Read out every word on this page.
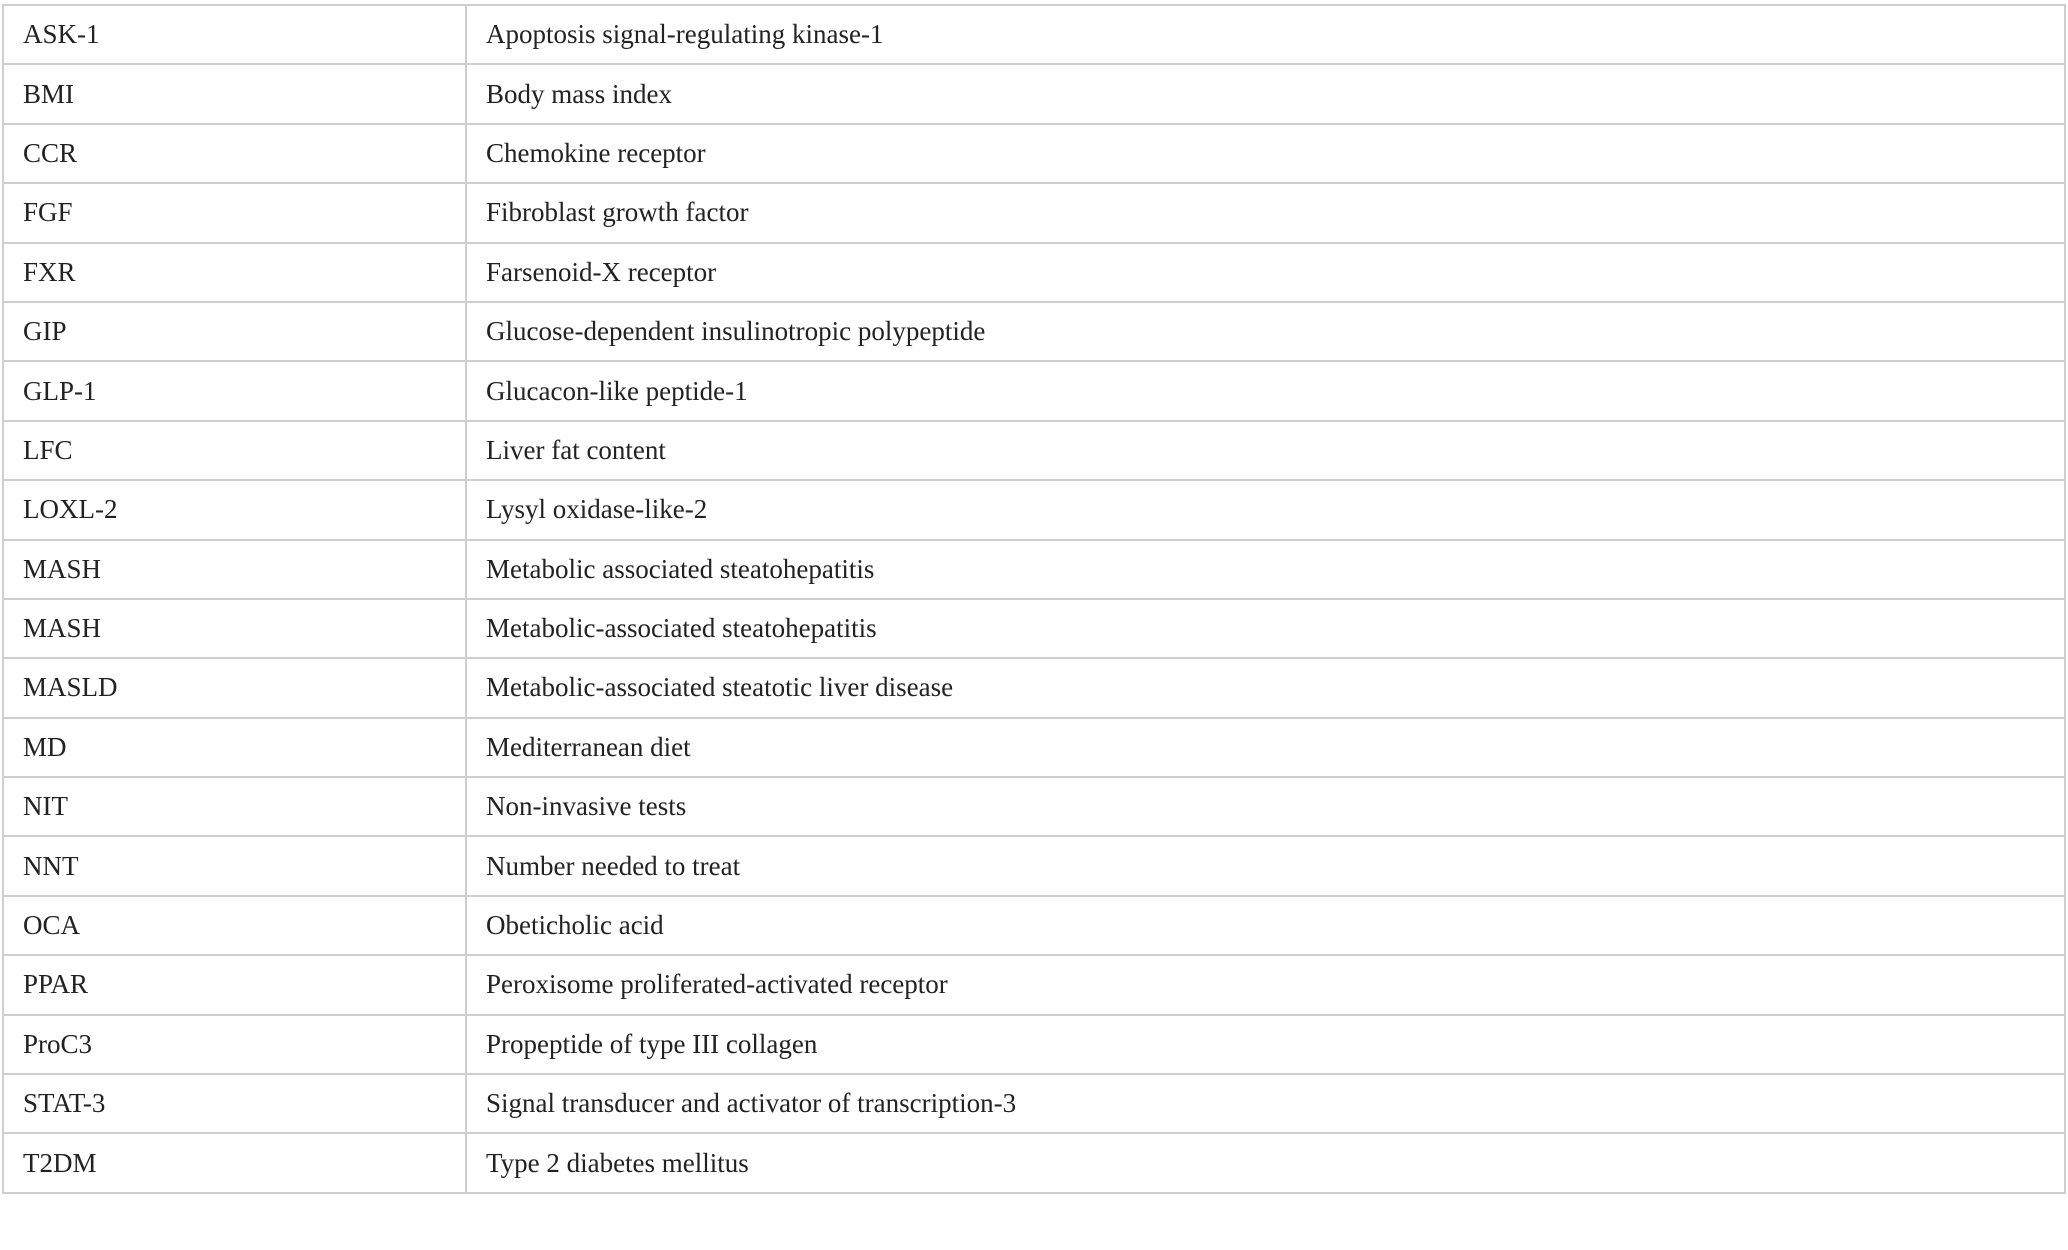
ASK-1	Apoptosis signal-regulating kinase-1
BMI	Body mass index
CCR	Chemokine receptor
FGF	Fibroblast growth factor
FXR	Farsenoid-X receptor
GIP	Glucose-dependent insulinotropic polypeptide
GLP-1	Glucacon-like peptide-1
LFC	Liver fat content
LOXL-2	Lysyl oxidase-like-2
MASH	Metabolic associated steatohepatitis
MASH	Metabolic-associated steatohepatitis
MASLD	Metabolic-associated steatotic liver disease
MD	Mediterranean diet
NIT	Non-invasive tests
NNT	Number needed to treat
OCA	Obeticholic acid
PPAR	Peroxisome proliferated-activated receptor
ProC3	Propeptide of type III collagen
STAT-3	Signal transducer and activator of transcription-3
T2DM	Type 2 diabetes mellitus
